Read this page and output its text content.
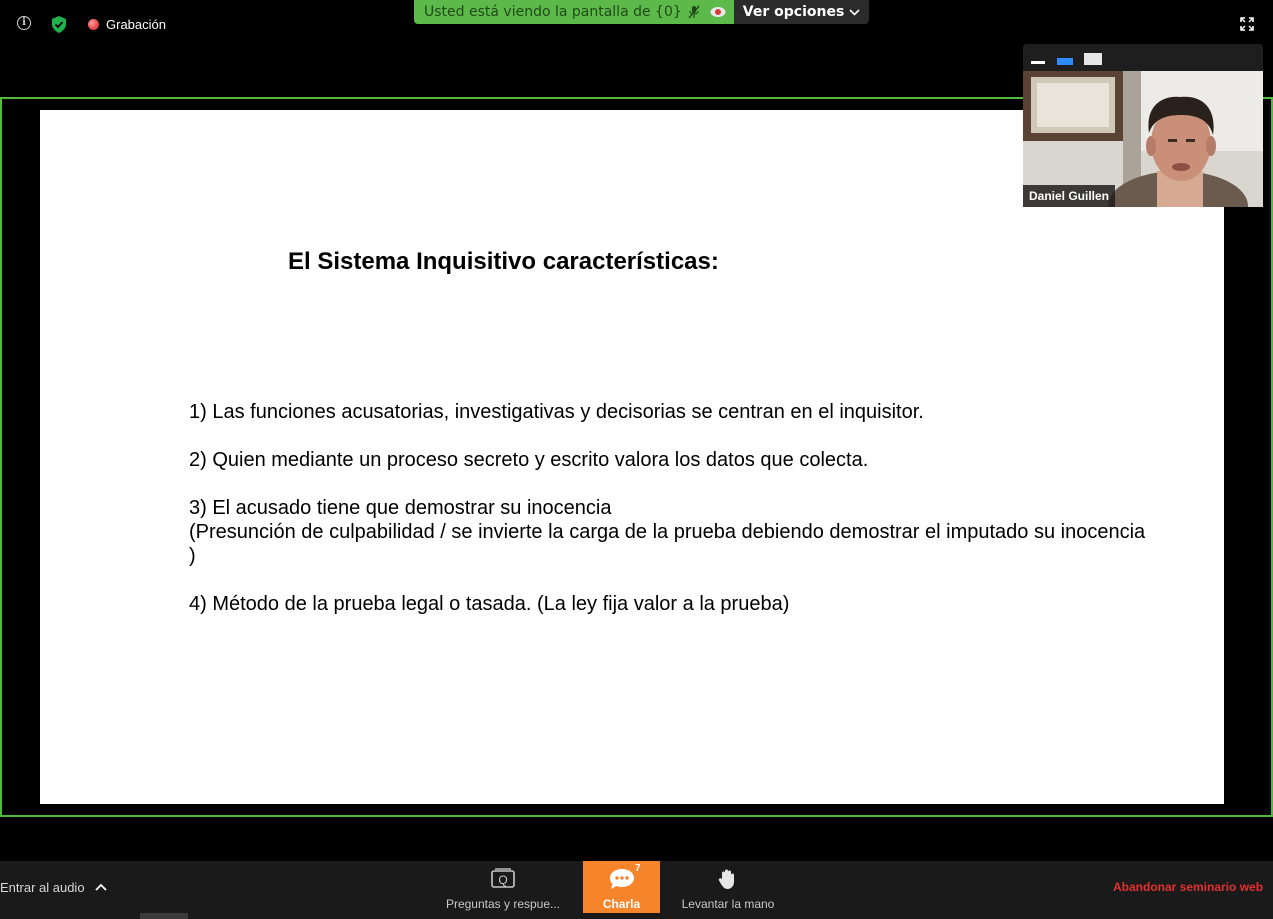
i	Grabación
Usted está viendo la pantalla de {0}	Ver opciones
El Sistema Inquisitivo características:
1) Las funciones acusatorias, investigativas y decisorias se centran en el inquisitor.
2) Quien mediante un proceso secreto y escrito valora los datos que colecta.
3) El acusado tiene que demostrar su inocencia
(Presunción de culpabilidad / se invierte la carga de la prueba debiendo demostrar el imputado su inocencia )
4) Método de la prueba legal o tasada. (La ley fija valor a la prueba)
Daniel Guillen
Entrar al audio	Q
Preguntas y respue...
7
Charla	Levantar la mano
Abandonar seminario web
